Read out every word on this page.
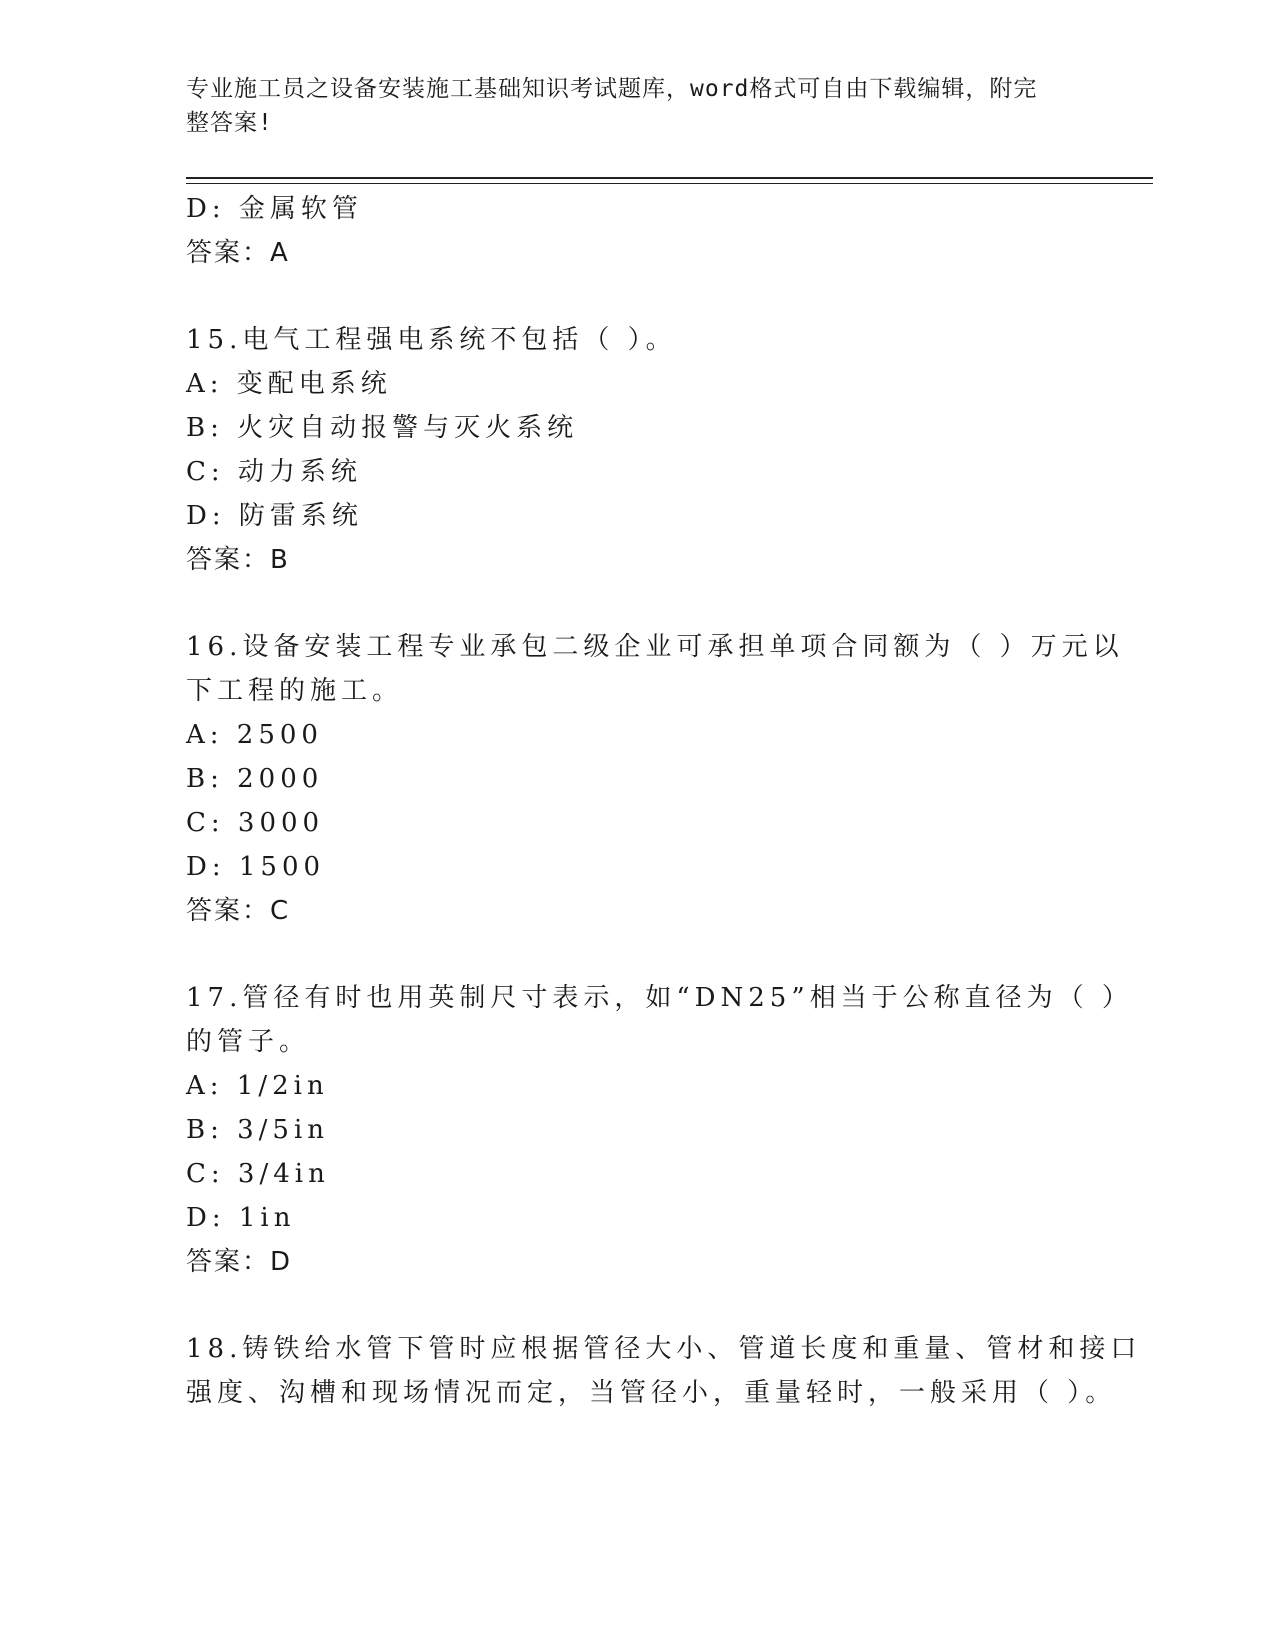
专业施工员之设备安装施工基础知识考试题库，word格式可自由下载编辑，附完
整答案!
D: 金属软管
答案：A
15.电气工程强电系统不包括（ ）。
A: 变配电系统
B: 火灾自动报警与灭火系统
C: 动力系统
D: 防雷系统
答案：B
16.设备安装工程专业承包二级企业可承担单项合同额为（ ）万元以
下工程的施工。
A: 2500
B: 2000
C: 3000
D: 1500
答案：C
17.管径有时也用英制尺寸表示，如“DN25”相当于公称直径为（ ）
的管子。
A: 1/2in
B: 3/5in
C: 3/4in
D: 1in
答案：D
18.铸铁给水管下管时应根据管径大小、管道长度和重量、管材和接口
强度、沟槽和现场情况而定，当管径小，重量轻时，一般采用（ ）。
